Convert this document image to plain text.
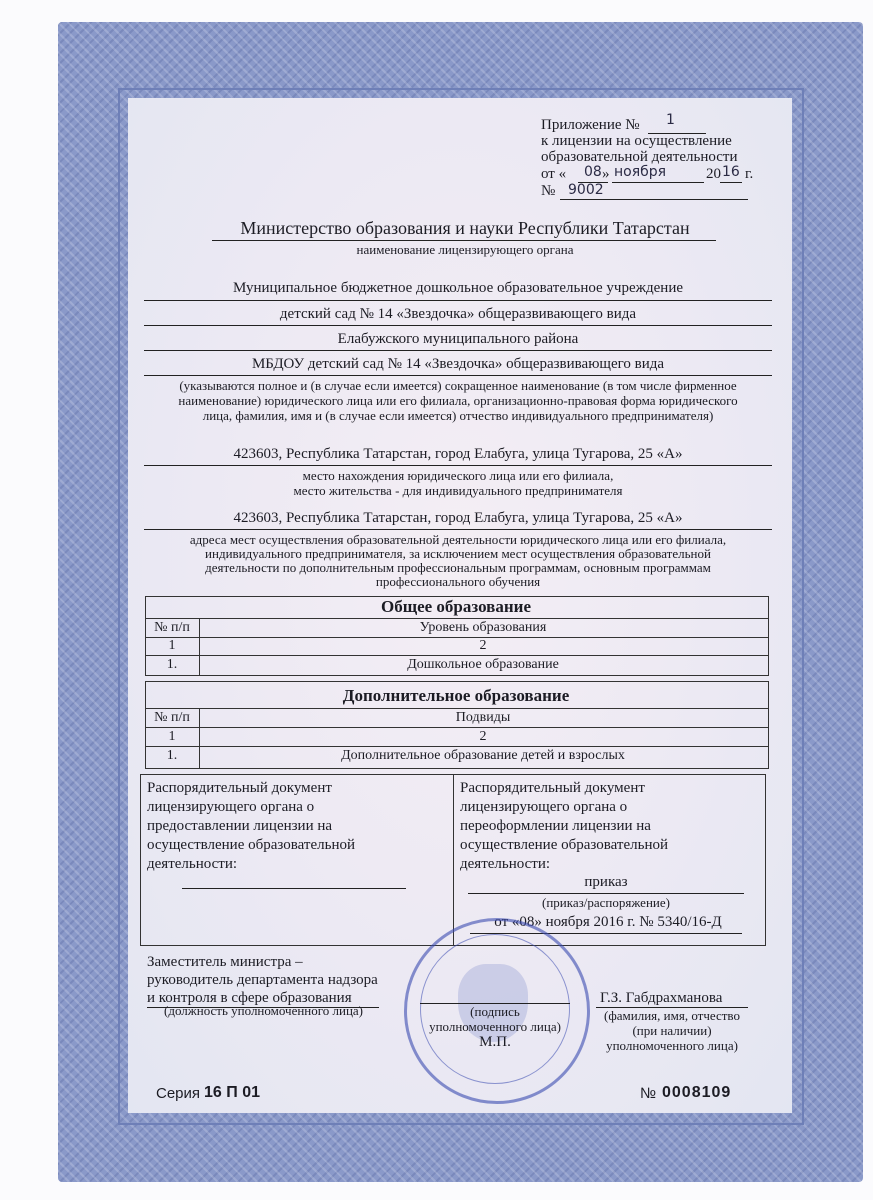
Приложение № 1
к лицензии на осуществление
образовательной деятельности
от « 08 » ноября	20 16 г.
№ 9002
Министерство образования и науки Республики Татарстан
наименование лицензирующего органа
Муниципальное бюджетное дошкольное образовательное учреждение
детский сад № 14 «Звездочка» общеразвивающего вида
Елабужского муниципального района
МБДОУ детский сад № 14 «Звездочка» общеразвивающего вида
(указываются полное и (в случае если имеется) сокращенное наименование (в том числе фирменное
наименование) юридического лица или его филиала, организационно-правовая форма юридического
лица, фамилия, имя и (в случае если имеется) отчество индивидуального предпринимателя)
423603, Республика Татарстан, город Елабуга, улица Тугарова, 25 «А»
место нахождения юридического лица или его филиала,
место жительства - для индивидуального предпринимателя
423603, Республика Татарстан, город Елабуга, улица Тугарова, 25 «А»
адреса мест осуществления образовательной деятельности юридического лица или его филиала,
индивидуального предпринимателя, за исключением мест осуществления образовательной
деятельности по дополнительным профессиональным программам, основным программам
профессионального обучения
Общее образование
№ п/п	Уровень образования
1	2
1.	Дошкольное образование
Дополнительное образование
№ п/п	Подвиды
1	2
1.	Дополнительное образование детей и взрослых
Распорядительный документ
лицензирующего органа о
предоставлении лицензии на
осуществление образовательной
деятельности:
Распорядительный документ
лицензирующего органа о
переоформлении лицензии на
осуществление образовательной
деятельности:
приказ
(приказ/распоряжение)
от «08» ноября 2016 г. № 5340/16-Д
Заместитель министра –
руководитель департамента надзора
и контроля в сфере образования
(должность уполномоченного лица)	(подпись
уполномоченного лица)
М.П.
Г.З. Габдрахманова
(фамилия, имя, отчество
(при наличии)
уполномоченного лица)
Серия 16 П 01	№ 0008109
